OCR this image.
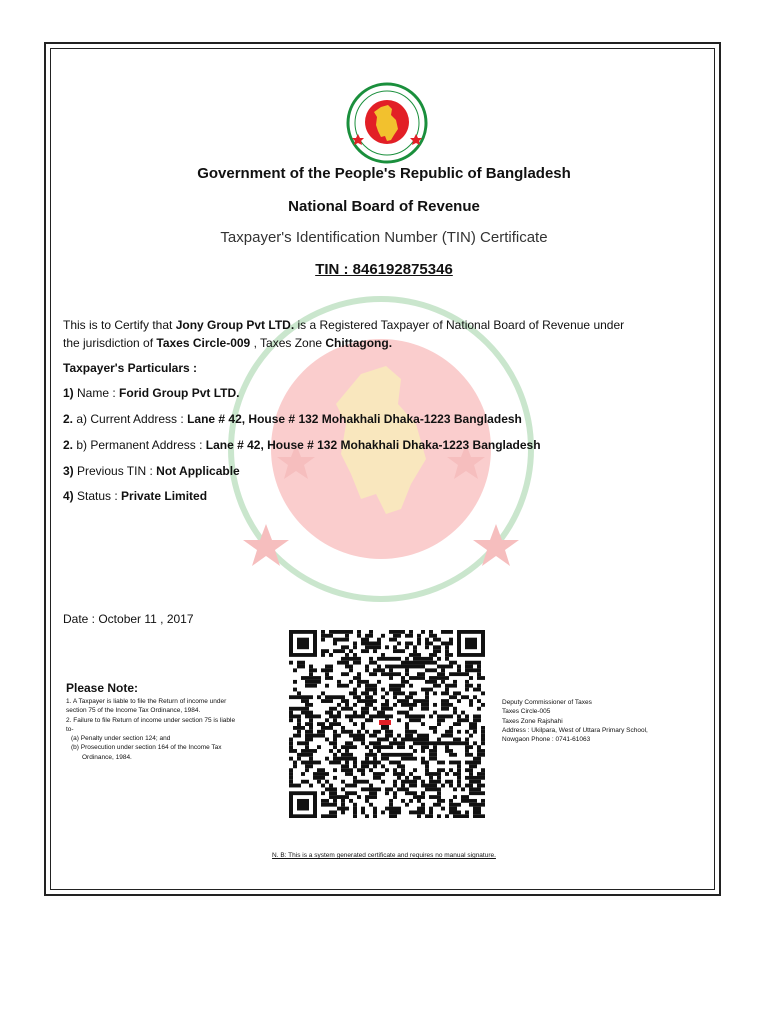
Government of the People's Republic of Bangladesh
National Board of Revenue
Taxpayer's Identification Number (TIN) Certificate
TIN : 846192875346
This is to Certify that Jony Group Pvt LTD. is a Registered Taxpayer of National Board of Revenue under
the jurisdiction of Taxes Circle-009 , Taxes Zone Chittagong.
Taxpayer's Particulars :
1) Name : Forid Group Pvt LTD.
2. a) Current Address : Lane # 42, House # 132 Mohakhali Dhaka-1223 Bangladesh
2. b) Permanent Address : Lane # 42, House # 132 Mohakhali Dhaka-1223 Bangladesh
3) Previous TIN : Not Applicable
4) Status : Private Limited
Date : October 11 , 2017
Please Note:
1. A Taxpayer is liable to file the Return of income under
section 75 of the Income Tax Ordinance, 1984.
2. Failure to file Return of income under section 75 is liable
to-
(a) Penalty under section 124; and
(b) Prosecution under section 164 of the Income Tax
Ordinance, 1984.
Deputy Commissioner of Taxes
Taxes Circle-005
Taxes Zone Rajshahi
Address : Ukilpara, West of Uttara Primary School,
Nowgaon Phone : 0741-61063
N. B: This is a system generated certificate and requires no manual signature.
